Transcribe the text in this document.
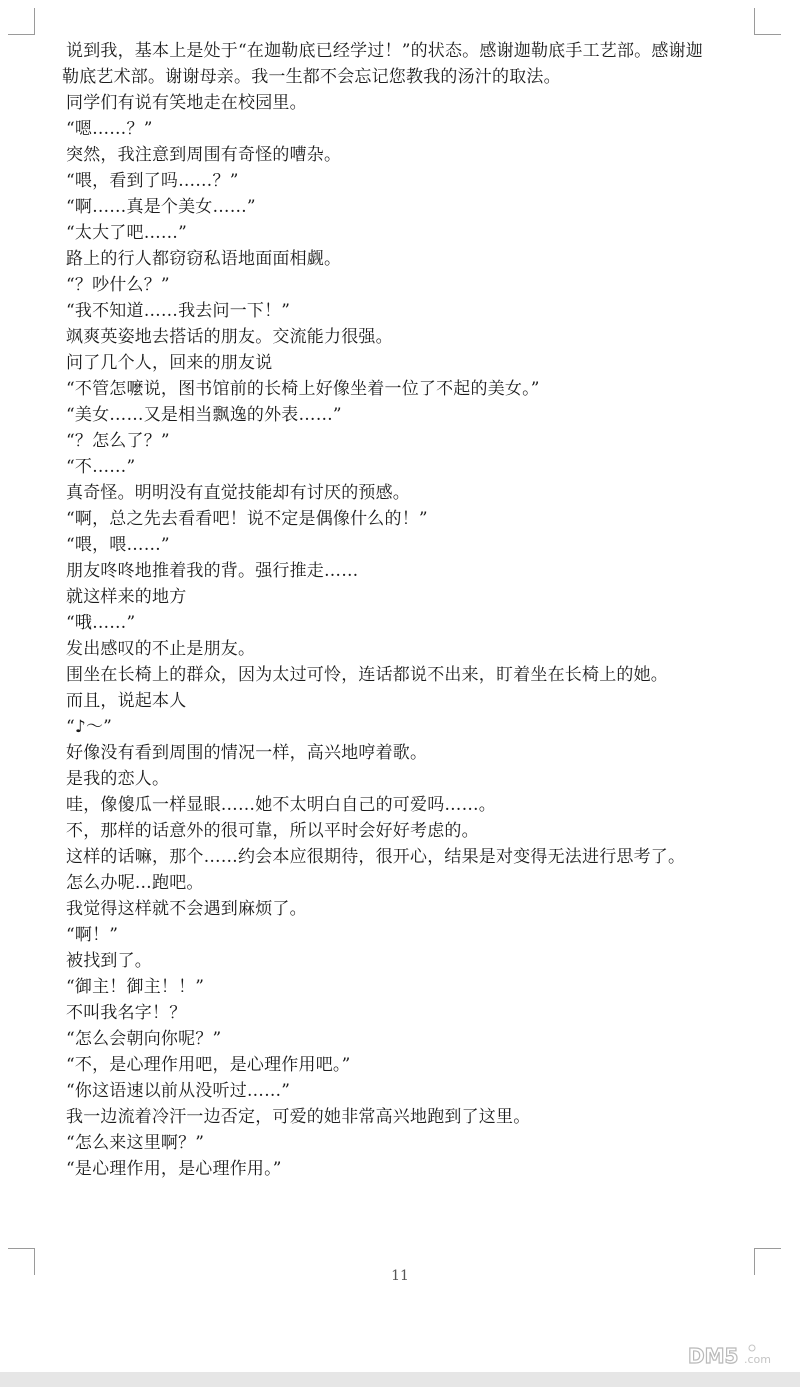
说到我，基本上是处于“在迦勒底已经学过！”的状态。感谢迦勒底手工艺部。感谢迦
勒底艺术部。谢谢母亲。我一生都不会忘记您教我的汤汁的取法。
同学们有说有笑地走在校园里。
“嗯……？”
突然，我注意到周围有奇怪的嘈杂。
“喂，看到了吗……？”
“啊……真是个美女……”
“太大了吧……”
路上的行人都窃窃私语地面面相觑。
“？吵什么？”
“我不知道……我去问一下！”
飒爽英姿地去搭话的朋友。交流能力很强。
问了几个人，回来的朋友说
“不管怎嚒说，图书馆前的长椅上好像坐着一位了不起的美女。”
“美女……又是相当飘逸的外表……”
“？怎么了？”
“不……”
真奇怪。明明没有直觉技能却有讨厌的预感。
“啊，总之先去看看吧！说不定是偶像什么的！”
“喂，喂……”
朋友咚咚地推着我的背。强行推走……
就这样来的地方
“哦……”
发出感叹的不止是朋友。
围坐在长椅上的群众，因为太过可怜，连话都说不出来，盯着坐在长椅上的她。
而且，说起本人
“♪～”
好像没有看到周围的情况一样，高兴地哼着歌。
是我的恋人。
哇，像傻瓜一样显眼……她不太明白自己的可爱吗……。
不，那样的话意外的很可靠，所以平时会好好考虑的。
这样的话嘛，那个……约会本应很期待，很开心，结果是对变得无法进行思考了。
怎么办呢…跑吧。
我觉得这样就不会遇到麻烦了。
“啊！”
被找到了。
“御主！御主！！”
不叫我名字！？
“怎么会朝向你呢？”
“不，是心理作用吧，是心理作用吧。”
“你这语速以前从没听过……”
我一边流着冷汗一边否定，可爱的她非常高兴地跑到了这里。
“怎么来这里啊？”
“是心理作用，是心理作用。”
11
DM5 .com
